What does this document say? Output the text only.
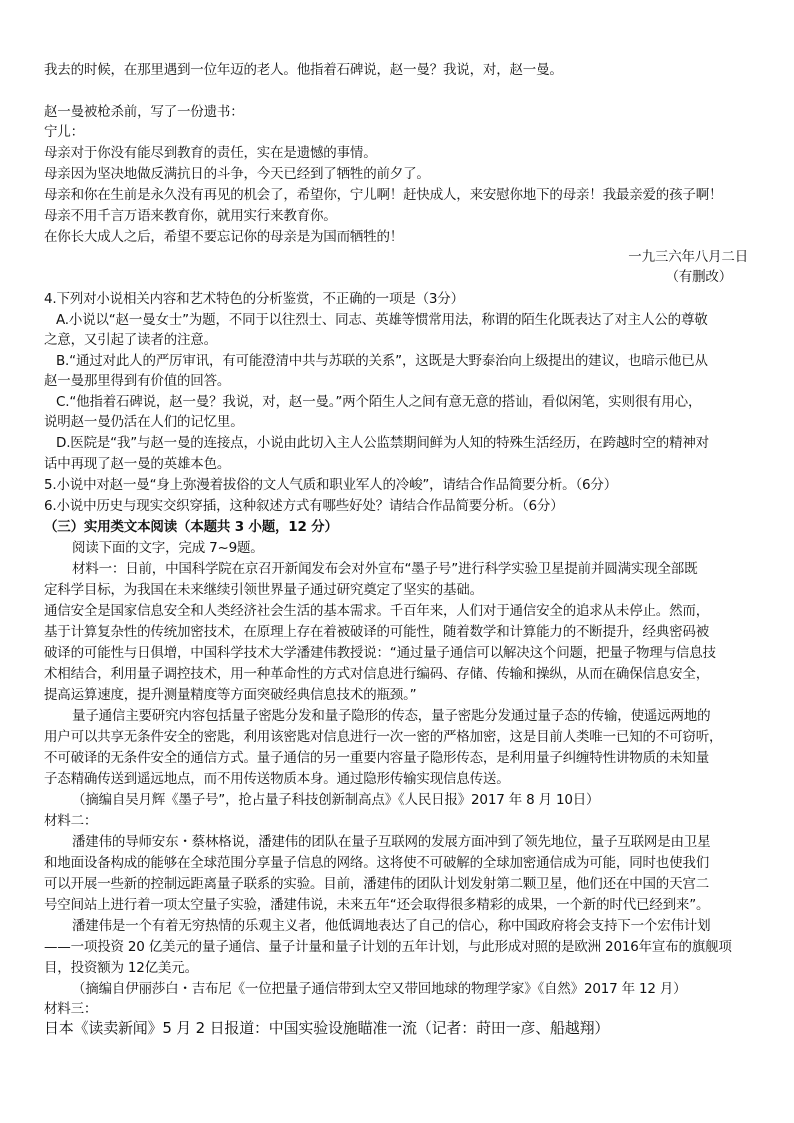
我去的时候，在那里遇到一位年迈的老人。他指着石碑说，赵一曼？我说，对，赵一曼。
赵一曼被枪杀前，写了一份遗书：
宁儿：
母亲对于你没有能尽到教育的责任，实在是遗憾的事情。
母亲因为坚决地做反满抗日的斗争，今天已经到了牺牲的前夕了。
母亲和你在生前是永久没有再见的机会了，希望你，宁儿啊！赶快成人，来安慰你地下的母亲！我最亲爱的孩子啊！
母亲不用千言万语来教育你，就用实行来教育你。
在你长大成人之后，希望不要忘记你的母亲是为国而牺牲的！
一九三六年八月二日
（有删改）
4.下列对小说相关内容和艺术特色的分析鉴赏，不正确的一项是（3分）
A.小说以“赵一曼女士”为题，不同于以往烈士、同志、英雄等惯常用法，称谓的陌生化既表达了对主人公的尊敬
之意，又引起了读者的注意。
B.“通过对此人的严厉审讯，有可能澄清中共与苏联的关系”，这既是大野泰治向上级提出的建议，也暗示他已从
赵一曼那里得到有价值的回答。
C.“他指着石碑说，赵一曼？我说，对，赵一曼。”两个陌生人之间有意无意的搭讪，看似闲笔，实则很有用心，
说明赵一曼仍活在人们的记忆里。
D.医院是“我”与赵一曼的连接点，小说由此切入主人公监禁期间鲜为人知的特殊生活经历，在跨越时空的精神对
话中再现了赵一曼的英雄本色。
5.小说中对赵一曼“身上弥漫着拔俗的文人气质和职业军人的冷峻”，请结合作品简要分析。（6分）
6.小说中历史与现实交织穿插，这种叙述方式有哪些好处？请结合作品简要分析。（6分）
（三）实用类文本阅读（本题共 3 小题，12 分）
阅读下面的文字，完成 7~9题。
材料一：日前，中国科学院在京召开新闻发布会对外宣布“墨子号”进行科学实验卫星提前并圆满实现全部既
定科学目标，为我国在未来继续引领世界量子通过研究奠定了坚实的基础。
通信安全是国家信息安全和人类经济社会生活的基本需求。千百年来，人们对于通信安全的追求从未停止。然而，
基于计算复杂性的传统加密技术，在原理上存在着被破译的可能性，随着数学和计算能力的不断提升，经典密码被
破译的可能性与日俱增，中国科学技术大学潘建伟教授说：“通过量子通信可以解决这个问题，把量子物理与信息技
术相结合，利用量子调控技术，用一种革命性的方式对信息进行编码、存储、传输和操纵，从而在确保信息安全，
提高运算速度，提升测量精度等方面突破经典信息技术的瓶颈。”
量子通信主要研究内容包括量子密匙分发和量子隐形的传态，量子密匙分发通过量子态的传输，使遥远两地的
用户可以共享无条件安全的密匙，利用该密匙对信息进行一次一密的严格加密，这是目前人类唯一已知的不可窃听，
不可破译的无条件安全的通信方式。量子通信的另一重要内容量子隐形传态，是利用量子纠缠特性讲物质的未知量
子态精确传送到遥远地点，而不用传送物质本身。通过隐形传输实现信息传送。
（摘编自吴月辉《墨子号”，抢占量子科技创新制高点》《人民日报》2017 年 8 月 10日）
材料二：
潘建伟的导师安东・蔡林格说，潘建伟的团队在量子互联网的发展方面冲到了领先地位，量子互联网是由卫星
和地面设备构成的能够在全球范围分享量子信息的网络。这将使不可破解的全球加密通信成为可能，同时也使我们
可以开展一些新的控制远距离量子联系的实验。目前，潘建伟的团队计划发射第二颗卫星，他们还在中国的天宫二
号空间站上进行着一项太空量子实验，潘建伟说，未来五年“还会取得很多精彩的成果，一个新的时代已经到来”。
潘建伟是一个有着无穷热情的乐观主义者，他低调地表达了自己的信心，称中国政府将会支持下一个宏伟计划
——一项投资 20 亿美元的量子通信、量子计量和量子计划的五年计划，与此形成对照的是欧洲 2016年宣布的旗舰项
目，投资额为 12亿美元。
（摘编自伊丽莎白・吉布尼《一位把量子通信带到太空又带回地球的物理学家》《自然》2017 年 12 月）
材料三：
日本《读卖新闻》5 月 2 日报道：中国实验设施瞄准一流（记者：莳田一彦、船越翔）
